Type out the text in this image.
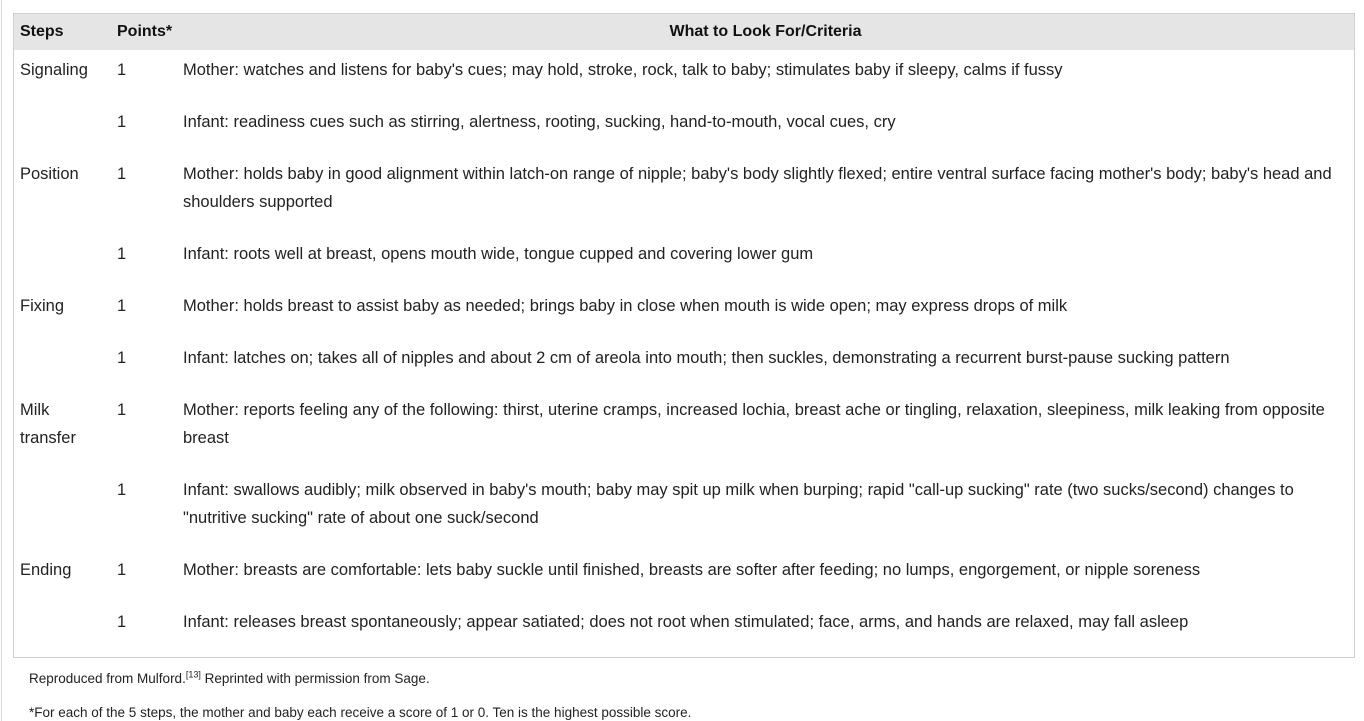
Steps	Points*	What to Look For/Criteria
Signaling	1	Mother: watches and listens for baby's cues; may hold, stroke, rock, talk to baby; stimulates baby if sleepy, calms if fussy
	1	Infant: readiness cues such as stirring, alertness, rooting, sucking, hand-to-mouth, vocal cues, cry
Position	1	Mother: holds baby in good alignment within latch-on range of nipple; baby's body slightly flexed; entire ventral surface facing mother's body; baby's head and shoulders supported
	1	Infant: roots well at breast, opens mouth wide, tongue cupped and covering lower gum
Fixing	1	Mother: holds breast to assist baby as needed; brings baby in close when mouth is wide open; may express drops of milk
	1	Infant: latches on; takes all of nipples and about 2 cm of areola into mouth; then suckles, demonstrating a recurrent burst-pause sucking pattern
Milk transfer	1	Mother: reports feeling any of the following: thirst, uterine cramps, increased lochia, breast ache or tingling, relaxation, sleepiness, milk leaking from opposite breast
	1	Infant: swallows audibly; milk observed in baby's mouth; baby may spit up milk when burping; rapid "call-up sucking" rate (two sucks/second) changes to "nutritive sucking" rate of about one suck/second
Ending	1	Mother: breasts are comfortable: lets baby suckle until finished, breasts are softer after feeding; no lumps, engorgement, or nipple soreness
	1	Infant: releases breast spontaneously; appear satiated; does not root when stimulated; face, arms, and hands are relaxed, may fall asleep
Reproduced from Mulford.[13] Reprinted with permission from Sage.
*For each of the 5 steps, the mother and baby each receive a score of 1 or 0. Ten is the highest possible score.
